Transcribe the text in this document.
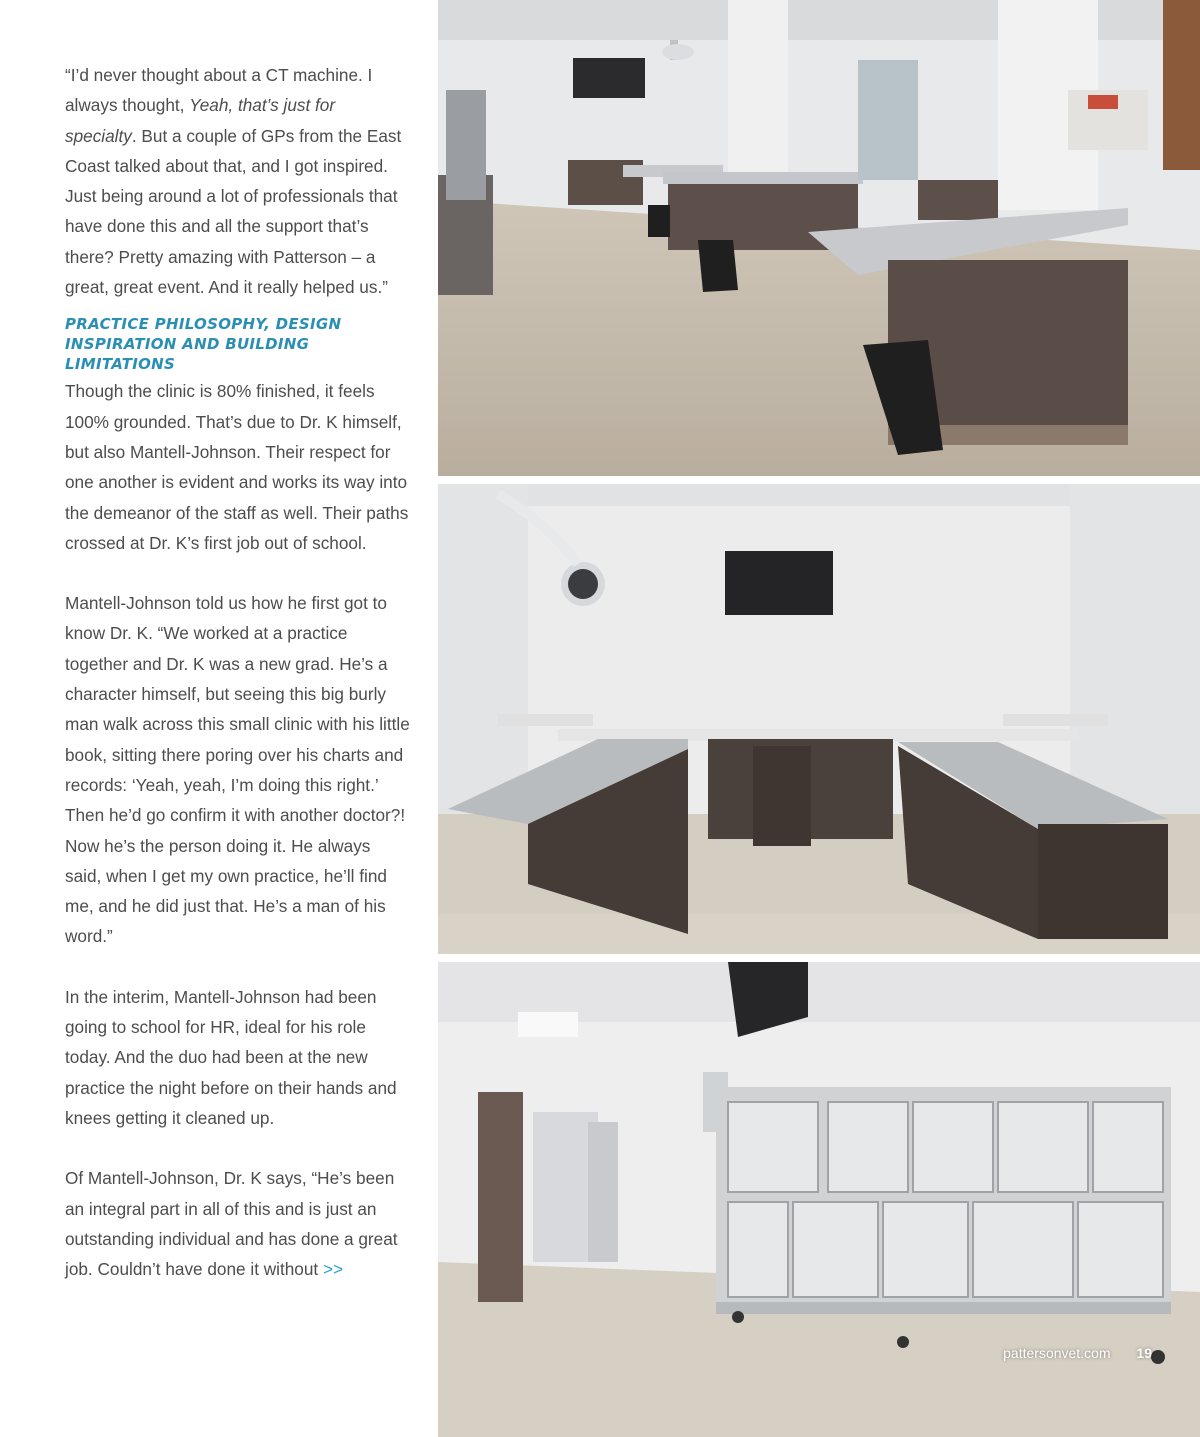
“I’d never thought about a CT machine. I always thought, Yeah, that’s just for specialty. But a couple of GPs from the East Coast talked about that, and I got inspired. Just being around a lot of professionals that have done this and all the support that’s there? Pretty amazing with Patterson – a great, great event. And it really helped us.”

PRACTICE PHILOSOPHY, DESIGN INSPIRATION AND BUILDING LIMITATIONS

Though the clinic is 80% finished, it feels 100% grounded. That’s due to Dr. K himself, but also Mantell-Johnson. Their respect for one another is evident and works its way into the demeanor of the staff as well. Their paths crossed at Dr. K’s first job out of school.

Mantell-Johnson told us how he first got to know Dr. K. “We worked at a practice together and Dr. K was a new grad. He’s a character himself, but seeing this big burly man walk across this small clinic with his little book, sitting there poring over his charts and records: ‘Yeah, yeah, I’m doing this right.’ Then he’d go confirm it with another doctor?! Now he’s the person doing it. He always said, when I get my own practice, he’ll find me, and he did just that. He’s a man of his word.”

In the interim, Mantell-Johnson had been going to school for HR, ideal for his role today. And the duo had been at the new practice the night before on their hands and knees getting it cleaned up.

Of Mantell-Johnson, Dr. K says, “He’s been an integral part in all of this and is just an outstanding individual and has done a great job. Couldn’t have done it without >>

pattersonvet.com 19
